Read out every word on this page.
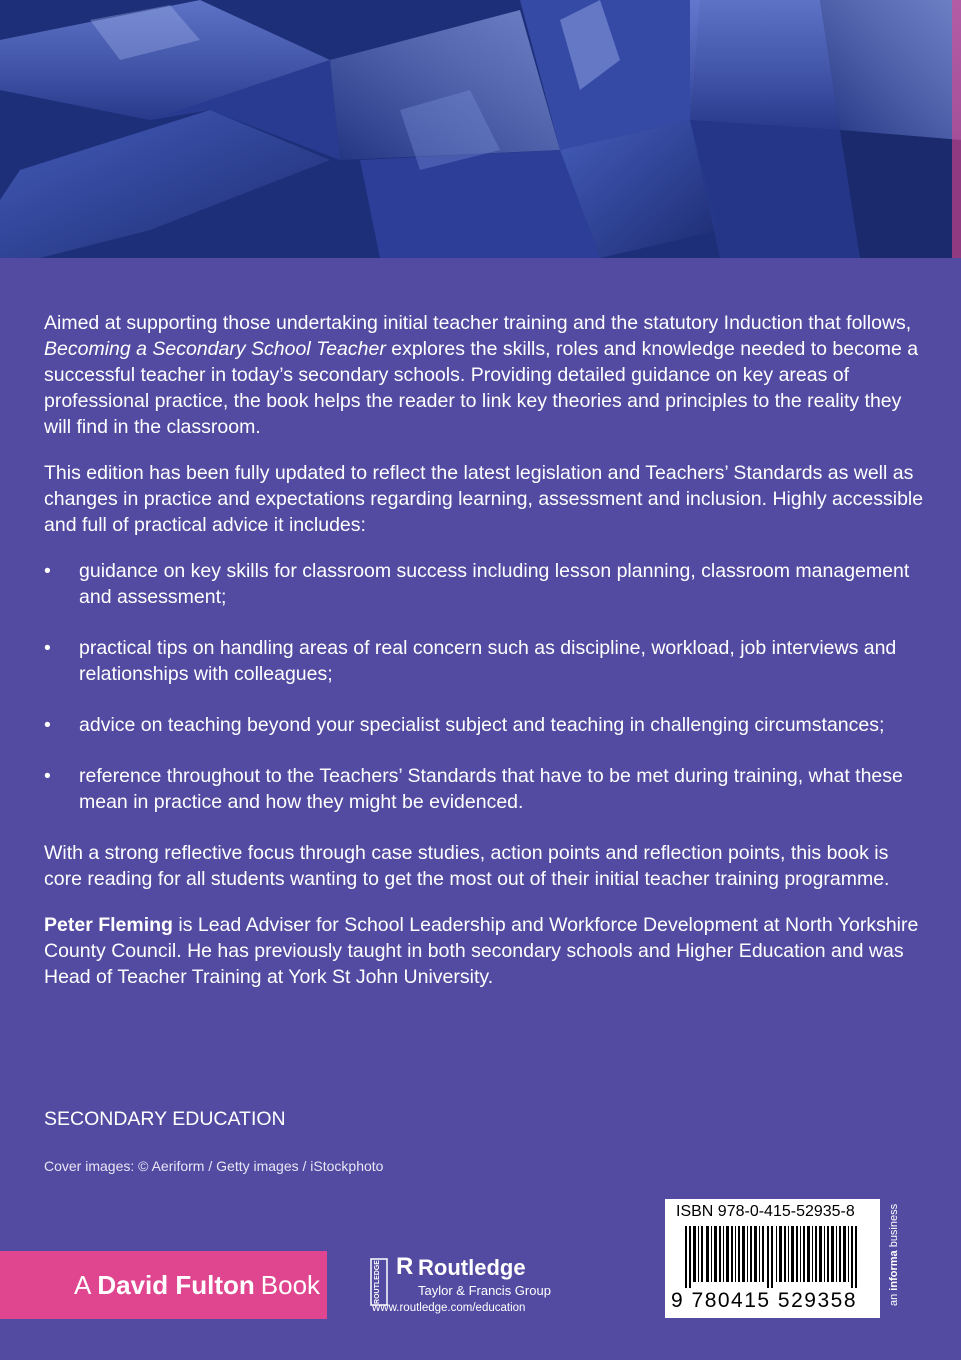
Aimed at supporting those undertaking initial teacher training and the statutory Induction that follows, Becoming a Secondary School Teacher explores the skills, roles and knowledge needed to become a successful teacher in today’s secondary schools. Providing detailed guidance on key areas of professional practice, the book helps the reader to link key theories and principles to the reality they will find in the classroom.

This edition has been fully updated to reflect the latest legislation and Teachers’ Standards as well as changes in practice and expectations regarding learning, assessment and inclusion. Highly accessible and full of practical advice it includes:

• guidance on key skills for classroom success including lesson planning, classroom management and assessment;
• practical tips on handling areas of real concern such as discipline, workload, job interviews and relationships with colleagues;
• advice on teaching beyond your specialist subject and teaching in challenging circumstances;
• reference throughout to the Teachers’ Standards that have to be met during training, what these mean in practice and how they might be evidenced.

With a strong reflective focus through case studies, action points and reflection points, this book is core reading for all students wanting to get the most out of their initial teacher training programme.

Peter Fleming is Lead Adviser for School Leadership and Workforce Development at North Yorkshire County Council. He has previously taught in both secondary schools and Higher Education and was Head of Teacher Training at York St John University.

SECONDARY EDUCATION
Cover images: © Aeriform / Getty images / iStockphoto
A David Fulton Book	ROUTLEDGE R Routledge
Taylor & Francis Group
www.routledge.com/education
ISBN 978-0-415-52935-8
9 780415 529358	an informa business
